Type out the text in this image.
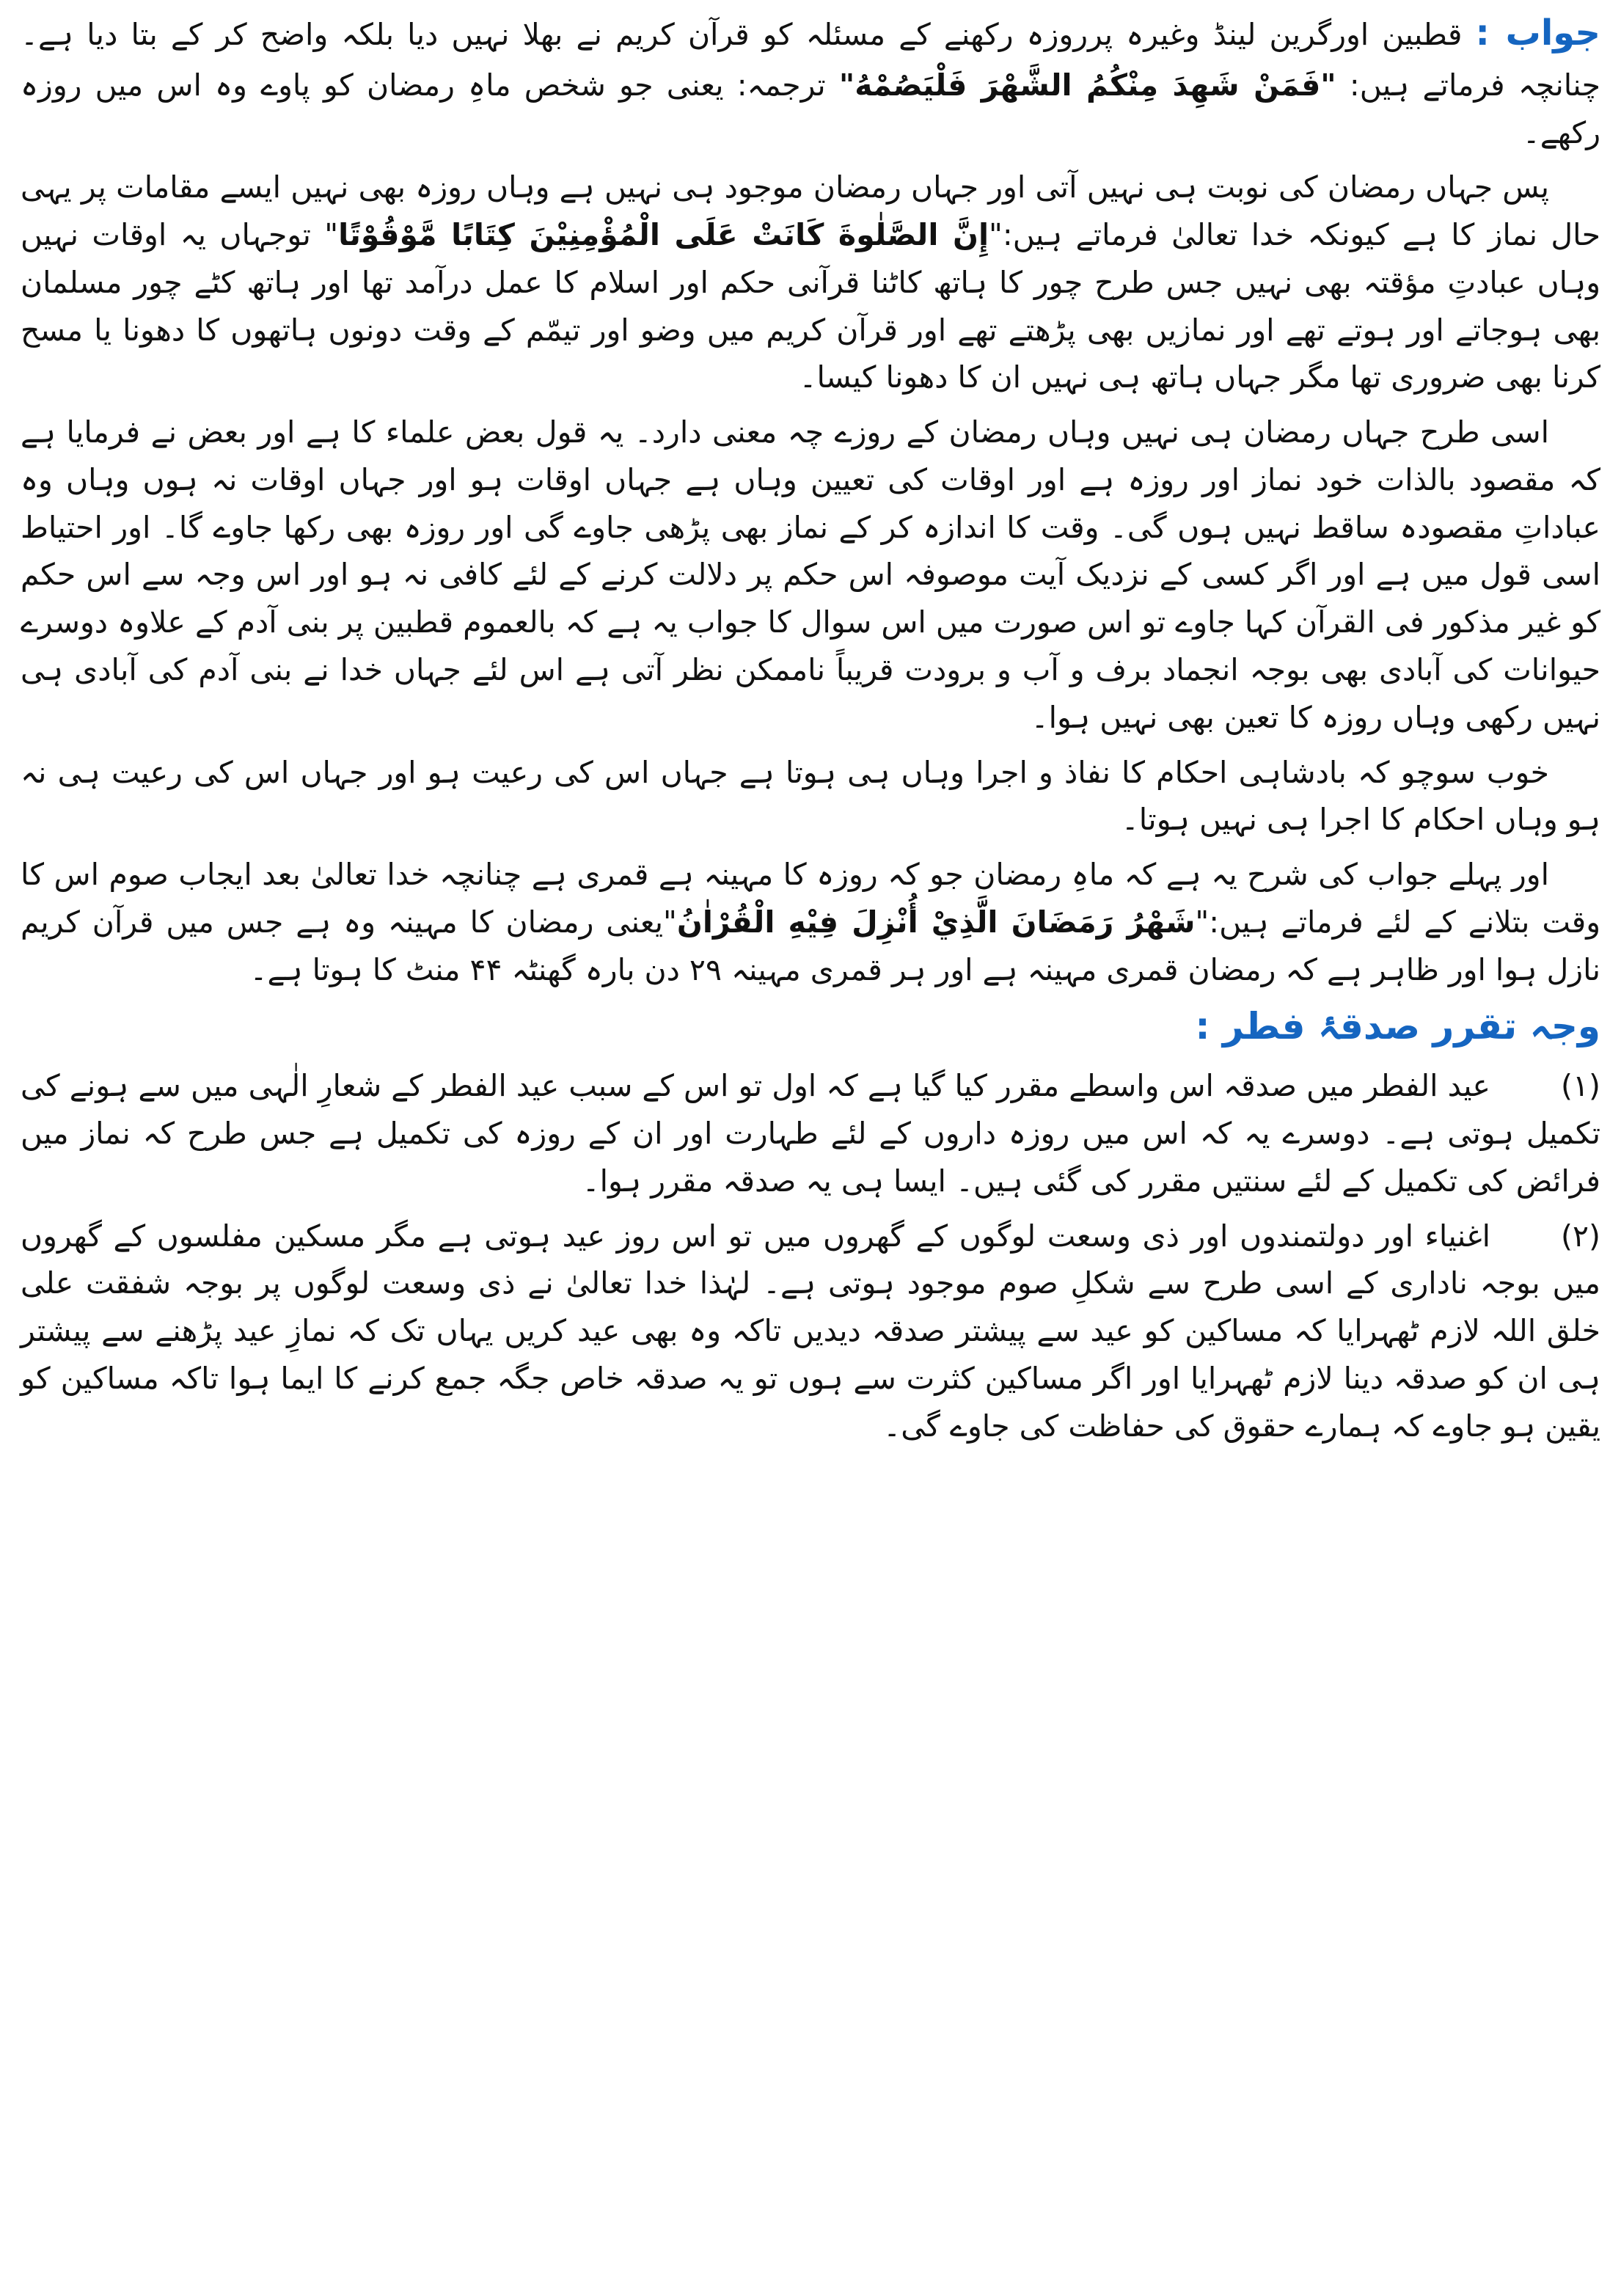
جواب : قطبین اورگرین لینڈ وغیرہ پرروزہ رکھنے کے مسئلہ کو قرآن کریم نے بھلا نہیں دیا بلکہ واضح کر کے بتا دیا ہے۔ چنانچہ فرماتے ہیں: "فَمَنْ شَهِدَ مِنْكُمُ الشَّهْرَ فَلْيَصُمْهُ" ترجمہ: یعنی جو شخص ماہِ رمضان کو پاوے وہ اس میں روزہ رکھے۔

پس جہاں رمضان کی نوبت ہی نہیں آتی اور جہاں رمضان موجود ہی نہیں ہے وہاں روزہ بھی نہیں ایسے مقامات پر یہی حال نماز کا ہے کیونکہ خدا تعالیٰ فرماتے ہیں:"إِنَّ الصَّلٰوةَ كَانَتْ عَلَى الْمُؤْمِنِيْنَ كِتَابًا مَّوْقُوْتًا" توجہاں یہ اوقات نہیں وہاں عبادتِ مؤقتہ بھی نہیں جس طرح چور کا ہاتھ کاٹنا قرآنی حکم اور اسلام کا عمل درآمد تھا اور ہاتھ کٹے چور مسلمان بھی ہوجاتے اور ہوتے تھے اور نمازیں بھی پڑھتے تھے اور قرآن کریم میں وضو اور تیمّم کے وقت دونوں ہاتھوں کا دھونا یا مسح کرنا بھی ضروری تھا مگر جہاں ہاتھ ہی نہیں ان کا دھونا کیسا۔

اسی طرح جہاں رمضان ہی نہیں وہاں رمضان کے روزے چہ معنی دارد۔ یہ قول بعض علماء کا ہے اور بعض نے فرمایا ہے کہ مقصود بالذات خود نماز اور روزہ ہے اور اوقات کی تعیین وہاں ہے جہاں اوقات ہو اور جہاں اوقات نہ ہوں وہاں وہ عباداتِ مقصودہ ساقط نہیں ہوں گی۔ وقت کا اندازہ کر کے نماز بھی پڑھی جاوے گی اور روزہ بھی رکھا جاوے گا۔ اور احتیاط اسی قول میں ہے اور اگر کسی کے نزدیک آیت موصوفہ اس حکم پر دلالت کرنے کے لئے کافی نہ ہو اور اس وجہ سے اس حکم کو غیر مذکور فی القرآن کہا جاوے تو اس صورت میں اس سوال کا جواب یہ ہے کہ بالعموم قطبین پر بنی آدم کے علاوہ دوسرے حیوانات کی آبادی بھی بوجہ انجماد برف و آب و برودت قریباً ناممکن نظر آتی ہے اس لئے جہاں خدا نے بنی آدم کی آبادی ہی نہیں رکھی وہاں روزہ کا تعین بھی نہیں ہوا۔

خوب سوچو کہ بادشاہی احکام کا نفاذ و اجرا وہاں ہی ہوتا ہے جہاں اس کی رعیت ہو اور جہاں اس کی رعیت ہی نہ ہو وہاں احکام کا اجرا ہی نہیں ہوتا۔

اور پہلے جواب کی شرح یہ ہے کہ ماہِ رمضان جو کہ روزہ کا مہینہ ہے قمری ہے چنانچہ خدا تعالیٰ بعد ایجاب صوم اس کا وقت بتلانے کے لئے فرماتے ہیں:"شَهْرُ رَمَضَانَ الَّذِيْ أُنْزِلَ فِيْهِ الْقُرْاٰنُ"یعنی رمضان کا مہینہ وہ ہے جس میں قرآن کریم نازل ہوا اور ظاہر ہے کہ رمضان قمری مہینہ ہے اور ہر قمری مہینہ ۲۹ دن بارہ گھنٹہ ۴۴ منٹ کا ہوتا ہے۔

وجہ تقرر صدقۂ فطر :

(۱)عید الفطر میں صدقہ اس واسطے مقرر کیا گیا ہے کہ اول تو اس کے سبب عید الفطر کے شعارِ الٰہی میں سے ہونے کی تکمیل ہوتی ہے۔ دوسرے یہ کہ اس میں روزہ داروں کے لئے طہارت اور ان کے روزہ کی تکمیل ہے جس طرح کہ نماز میں فرائض کی تکمیل کے لئے سنتیں مقرر کی گئی ہیں۔ ایسا ہی یہ صدقہ مقرر ہوا۔

(۲)اغنیاء اور دولتمندوں اور ذی وسعت لوگوں کے گھروں میں تو اس روز عید ہوتی ہے مگر مسکین مفلسوں کے گھروں میں بوجہ ناداری کے اسی طرح سے شکلِ صوم موجود ہوتی ہے۔ لہٰذا خدا تعالیٰ نے ذی وسعت لوگوں پر بوجہ شفقت علی خلق اللہ لازم ٹھہرایا کہ مساکین کو عید سے پیشتر صدقہ دیدیں تاکہ وہ بھی عید کریں یہاں تک کہ نمازِ عید پڑھنے سے پیشتر ہی ان کو صدقہ دینا لازم ٹھہرایا اور اگر مساکین کثرت سے ہوں تو یہ صدقہ خاص جگہ جمع کرنے کا ایما ہوا تاکہ مساکین کو یقین ہو جاوے کہ ہمارے حقوق کی حفاظت کی جاوے گی۔
